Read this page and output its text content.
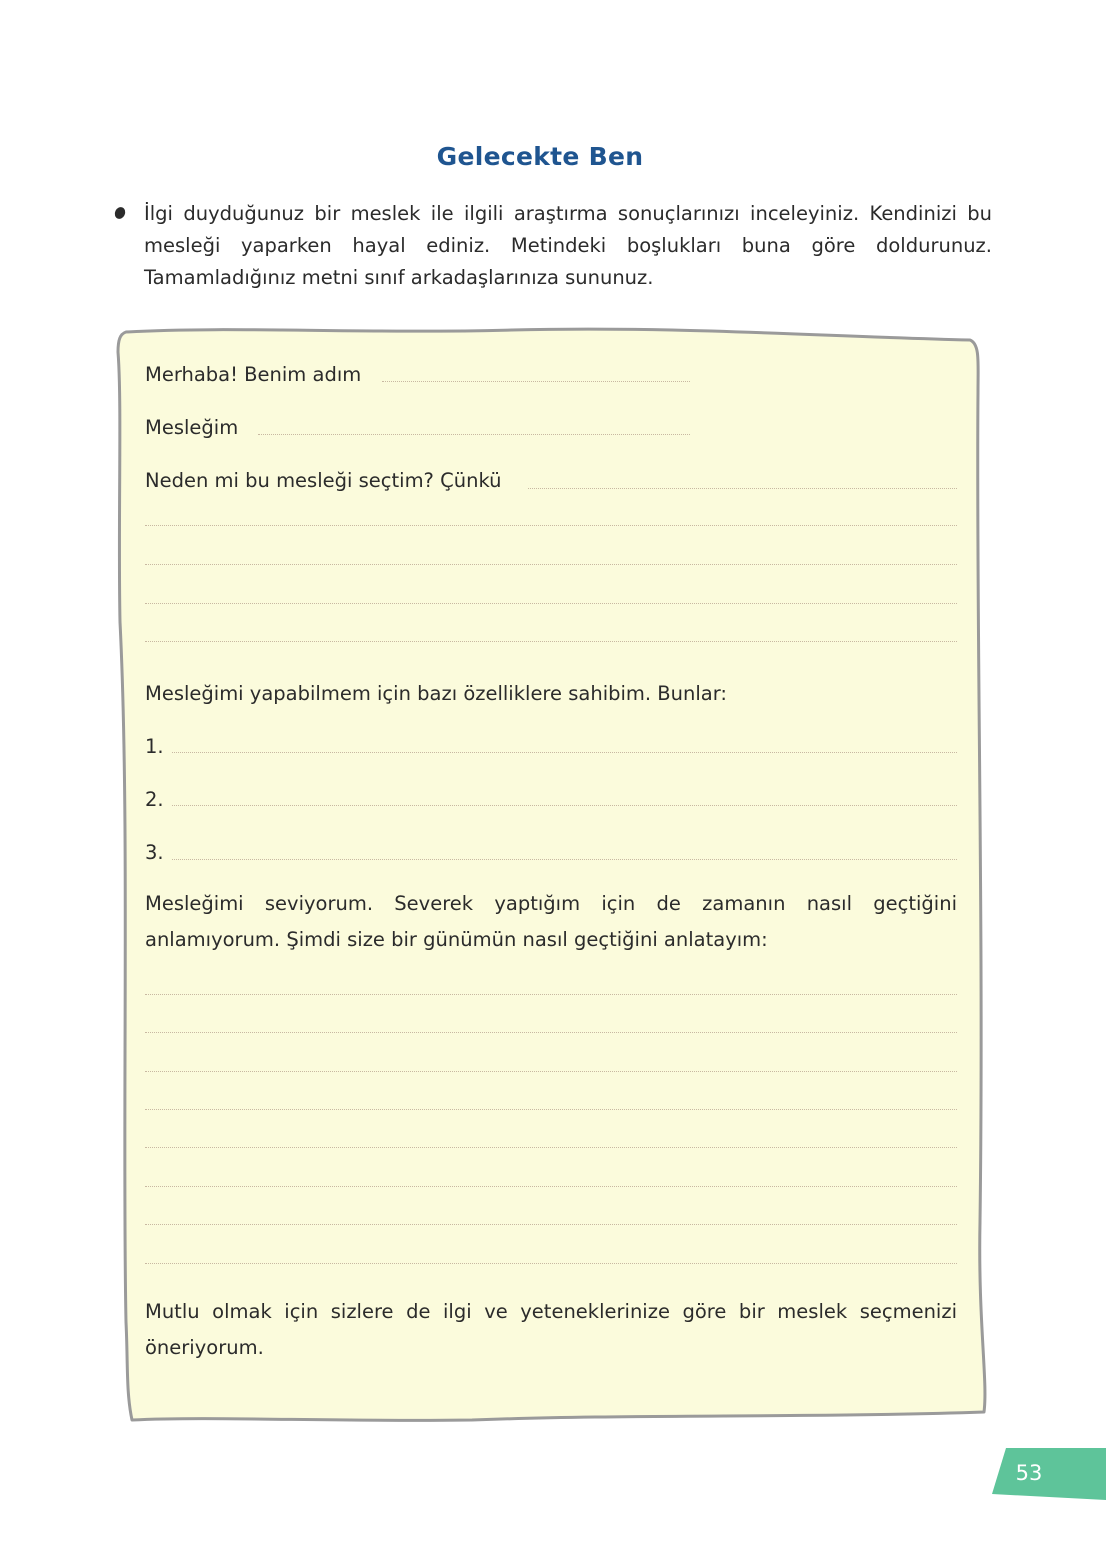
Gelecekte Ben
İlgi duyduğunuz bir meslek ile ilgili araştırma sonuçlarınızı inceleyiniz. Kendinizi bu mesleği yaparken hayal ediniz. Metindeki boşlukları buna göre doldurunuz. Tamamladığınız metni sınıf arkadaşlarınıza sununuz.
Merhaba! Benim adım
Mesleğim
Neden mi bu mesleği seçtim? Çünkü
Mesleğimi yapabilmem için bazı özelliklere sahibim. Bunlar:
1.
2.
3.
Mesleğimi seviyorum. Severek yaptığım için de zamanın nasıl geçtiğini anlamıyorum. Şimdi size bir günümün nasıl geçtiğini anlatayım:
Mutlu olmak için sizlere de ilgi ve yeteneklerinize göre bir meslek seçmenizi öneriyorum.
53
